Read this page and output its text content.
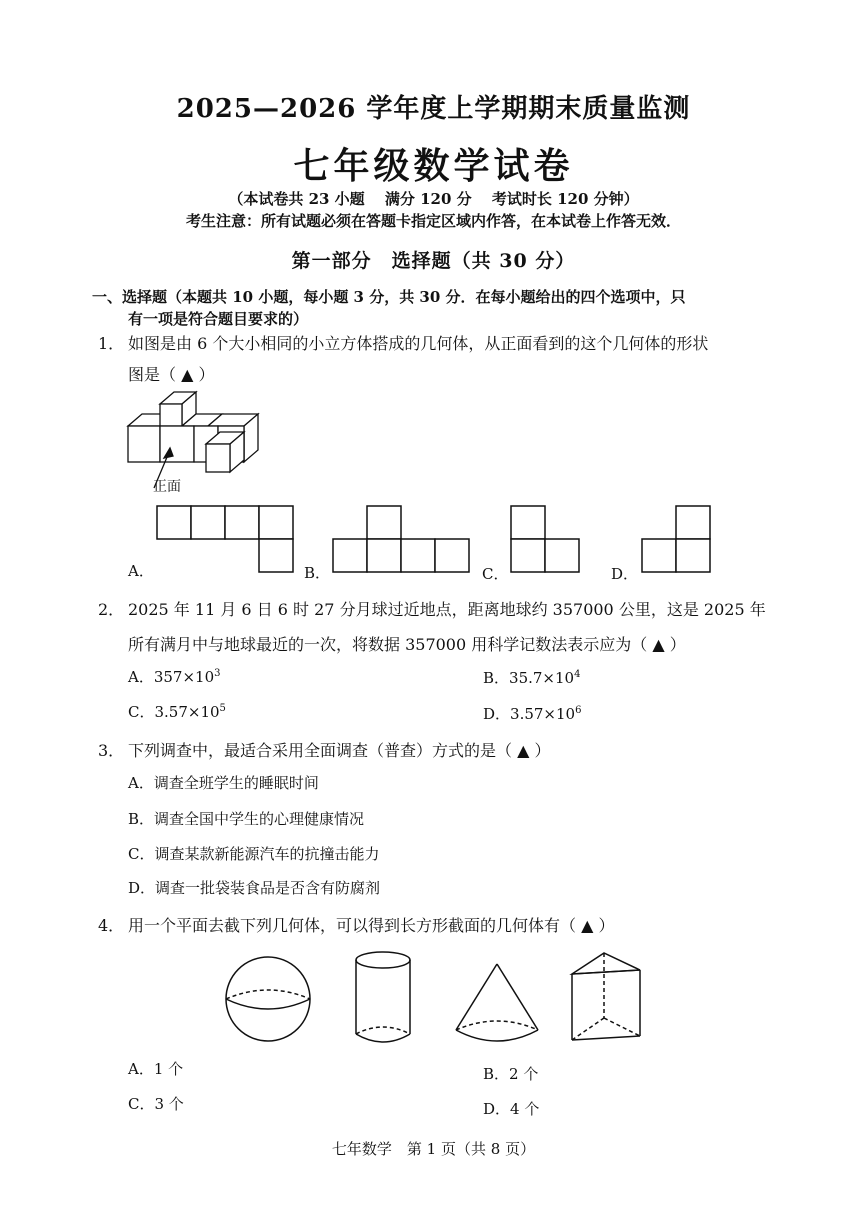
2025—2026 学年度上学期期末质量监测
七年级数学试卷
（本试卷共 23 小题　 满分 120 分　 考试时长 120 分钟）
考生注意：所有试题必须在答题卡指定区域内作答，在本试卷上作答无效．
第一部分　选择题（共 30 分）
一、选择题（本题共 10 小题，每小题 3 分，共 30 分．在每小题给出的四个选项中，只
有一项是符合题目要求的）
1． 如图是由 6 个大小相同的小立方体搭成的几何体，从正面看到的这个几何体的形状
图是（ ▲ ）
正面
A．	B．	C．	D．
2． 2025 年 11 月 6 日 6 时 27 分月球过近地点，距离地球约 357000 公里，这是 2025 年
所有满月中与地球最近的一次，将数据 357000 用科学记数法表示应为（ ▲ ）
A．$357\times 10^3$	B．$35.7\times 10^4$
C．$3.57\times 10^5$	D．$3.57\times 10^6$
3． 下列调查中，最适合采用全面调查（普查）方式的是（ ▲ ）
A．调查全班学生的睡眠时间
B．调查全国中学生的心理健康情况
C．调查某款新能源汽车的抗撞击能力
D．调查一批袋装食品是否含有防腐剂
4． 用一个平面去截下列几何体，可以得到长方形截面的几何体有（ ▲ ）
A．1 个	B．2 个
C．3 个	D．4 个
七年数学　第 1 页（共 8 页）
